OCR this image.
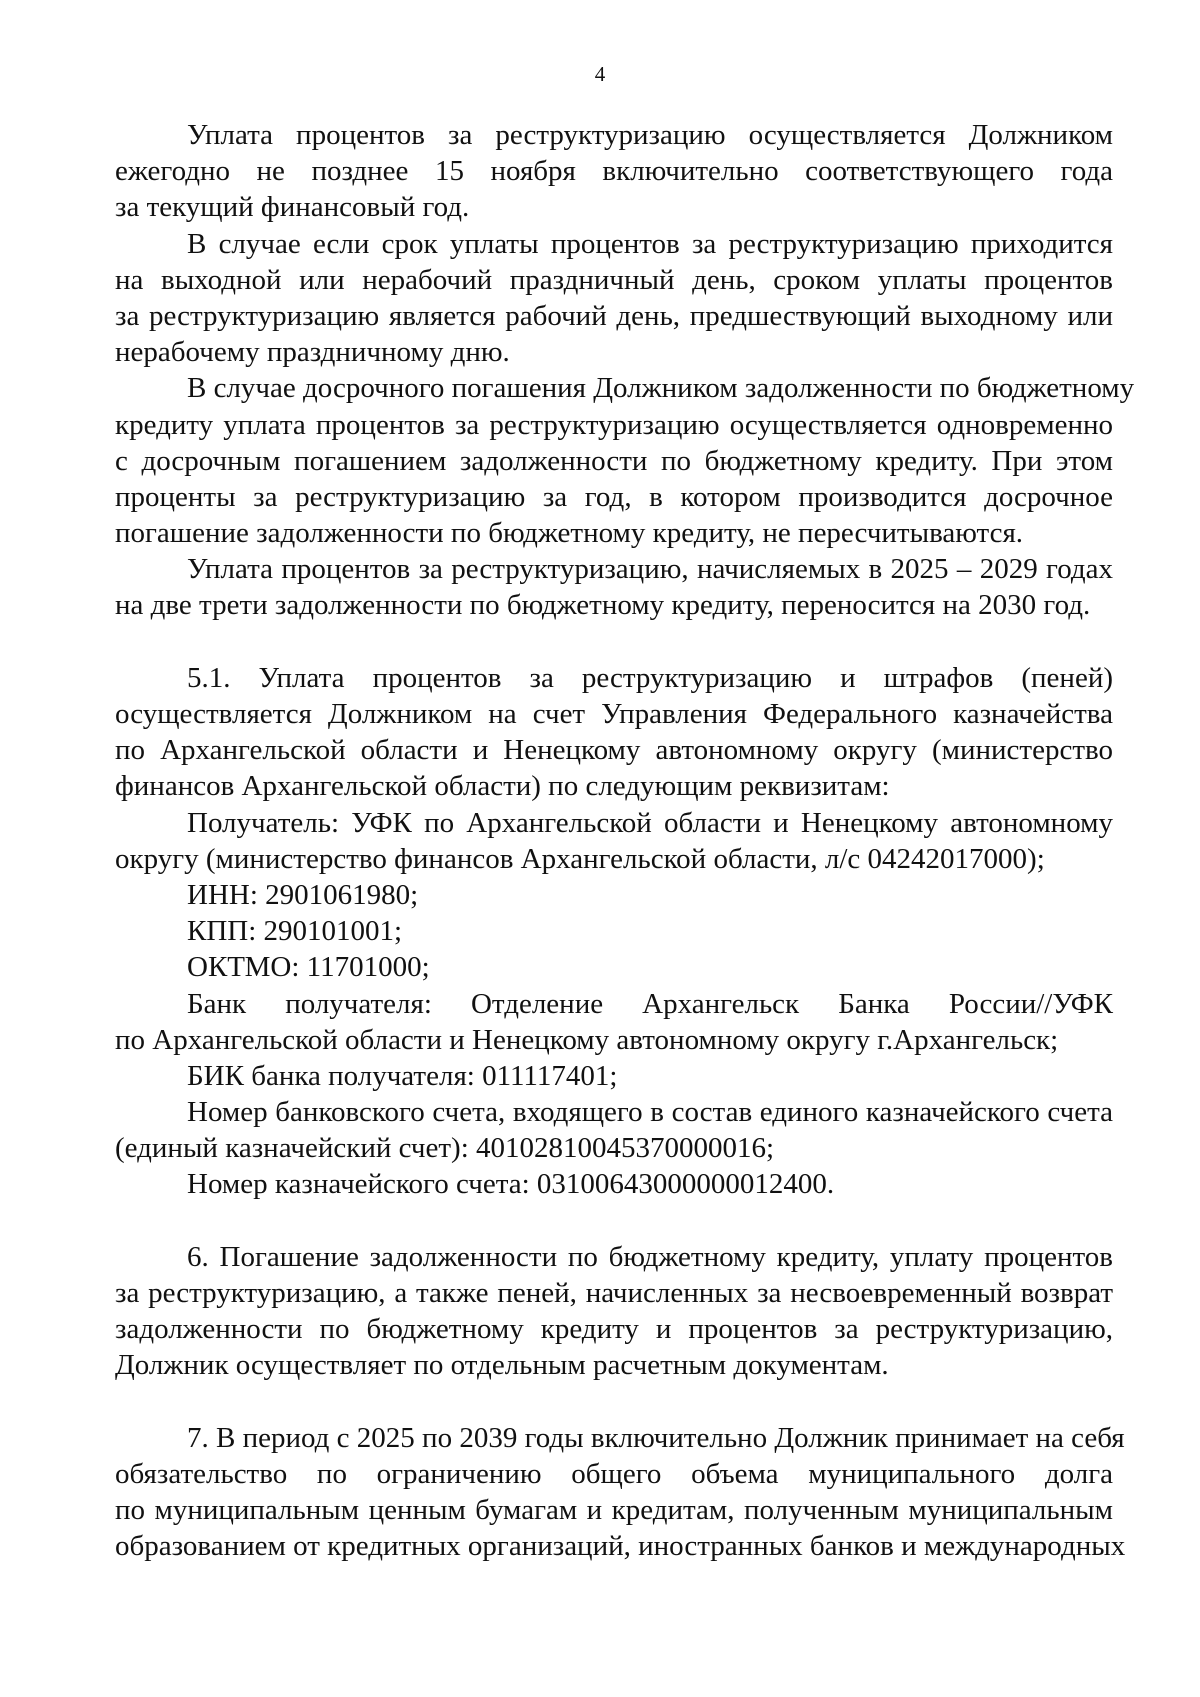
4
Уплата процентов за реструктуризацию осуществляется Должником
ежегодно не позднее 15 ноября включительно соответствующего года
за текущий финансовый год.
В случае если срок уплаты процентов за реструктуризацию приходится
на выходной или нерабочий праздничный день, сроком уплаты процентов
за реструктуризацию является рабочий день, предшествующий выходному или
нерабочему праздничному дню.
В случае досрочного погашения Должником задолженности по бюджетному
кредиту уплата процентов за реструктуризацию осуществляется одновременно
с досрочным погашением задолженности по бюджетному кредиту. При этом
проценты за реструктуризацию за год, в котором производится досрочное
погашение задолженности по бюджетному кредиту, не пересчитываются.
Уплата процентов за реструктуризацию, начисляемых в 2025 – 2029 годах
на две трети задолженности по бюджетному кредиту, переносится на 2030 год.
5.1. Уплата процентов за реструктуризацию и штрафов (пеней)
осуществляется Должником на счет Управления Федерального казначейства
по Архангельской области и Ненецкому автономному округу (министерство
финансов Архангельской области) по следующим реквизитам:
Получатель: УФК по Архангельской области и Ненецкому автономному
округу (министерство финансов Архангельской области, л/с 04242017000);
ИНН: 2901061980;
КПП: 290101001;
ОКТМО: 11701000;
Банк получателя: Отделение Архангельск Банка России//УФК
по Архангельской области и Ненецкому автономному округу г.Архангельск;
БИК банка получателя: 011117401;
Номер банковского счета, входящего в состав единого казначейского счета
(единый казначейский счет): 40102810045370000016;
Номер казначейского счета: 03100643000000012400.
6. Погашение задолженности по бюджетному кредиту, уплату процентов
за реструктуризацию, а также пеней, начисленных за несвоевременный возврат
задолженности по бюджетному кредиту и процентов за реструктуризацию,
Должник осуществляет по отдельным расчетным документам.
7. В период с 2025 по 2039 годы включительно Должник принимает на себя
обязательство по ограничению общего объема муниципального долга
по муниципальным ценным бумагам и кредитам, полученным муниципальным
образованием от кредитных организаций, иностранных банков и международных
